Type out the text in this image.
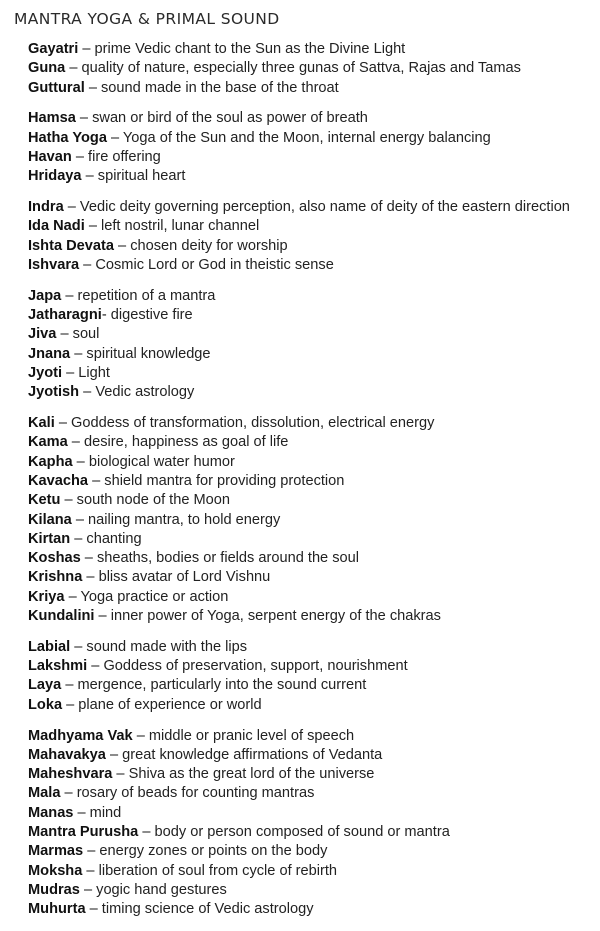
MANTRA YOGA & PRIMAL SOUND
Gayatri – prime Vedic chant to the Sun as the Divine Light
Guna – quality of nature, especially three gunas of Sattva, Rajas and Tamas
Guttural – sound made in the base of the throat
Hamsa – swan or bird of the soul as power of breath
Hatha Yoga – Yoga of the Sun and the Moon, internal energy balancing
Havan – fire offering
Hridaya – spiritual heart
Indra – Vedic deity governing perception, also name of deity of the eastern direction
Ida Nadi – left nostril, lunar channel
Ishta Devata – chosen deity for worship
Ishvara – Cosmic Lord or God in theistic sense
Japa – repetition of a mantra
Jatharagni- digestive fire
Jiva – soul
Jnana – spiritual knowledge
Jyoti – Light
Jyotish – Vedic astrology
Kali – Goddess of transformation, dissolution, electrical energy
Kama – desire, happiness as goal of life
Kapha – biological water humor
Kavacha – shield mantra for providing protection
Ketu – south node of the Moon
Kilana – nailing mantra, to hold energy
Kirtan – chanting
Koshas – sheaths, bodies or fields around the soul
Krishna – bliss avatar of Lord Vishnu
Kriya – Yoga practice or action
Kundalini – inner power of Yoga, serpent energy of the chakras
Labial – sound made with the lips
Lakshmi – Goddess of preservation, support, nourishment
Laya – mergence, particularly into the sound current
Loka – plane of experience or world
Madhyama Vak – middle or pranic level of speech
Mahavakya – great knowledge affirmations of Vedanta
Maheshvara – Shiva as the great lord of the universe
Mala – rosary of beads for counting mantras
Manas – mind
Mantra Purusha – body or person composed of sound or mantra
Marmas – energy zones or points on the body
Moksha – liberation of soul from cycle of rebirth
Mudras – yogic hand gestures
Muhurta – timing science of Vedic astrology
